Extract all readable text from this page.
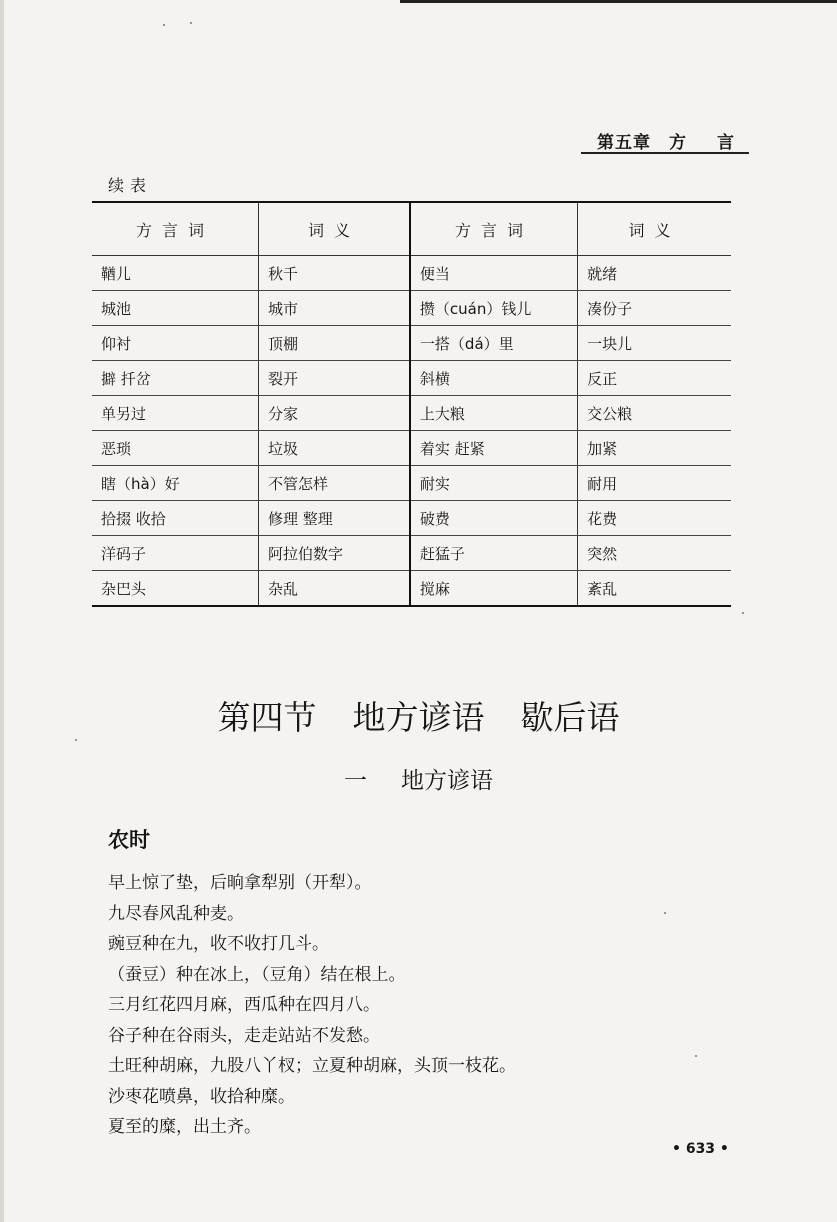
第五章 方 言
续表
方言词	词义	方言词	词义
鞧儿	秋千	便当	就绪
城池	城市	攒（cuán）钱儿	凑份子
仰衬	顶棚	一搭（dá）里	一块儿
擗 扦岔	裂开	斜横	反正
单另过	分家	上大粮	交公粮
恶琐	垃圾	着实 赶紧	加紧
瞎（hà）好	不管怎样	耐实	耐用
拾掇 收拾	修理 整理	破费	花费
洋码子	阿拉伯数字	赶猛子	突然
杂巴头	杂乱	搅麻	紊乱
第四节 地方谚语 歇后语
一 地方谚语
农时
早上惊了垫，后晌拿犁别（开犁）。
九尽春风乱种麦。
豌豆种在九，收不收打几斗。
（蚕豆）种在冰上，（豆角）结在根上。
三月红花四月麻，西瓜种在四月八。
谷子种在谷雨头，走走站站不发愁。
土旺种胡麻，九股八丫杈；立夏种胡麻，头顶一枝花。
沙枣花喷鼻，收拾种糜。
夏至的糜，出土齐。
• 633 •
